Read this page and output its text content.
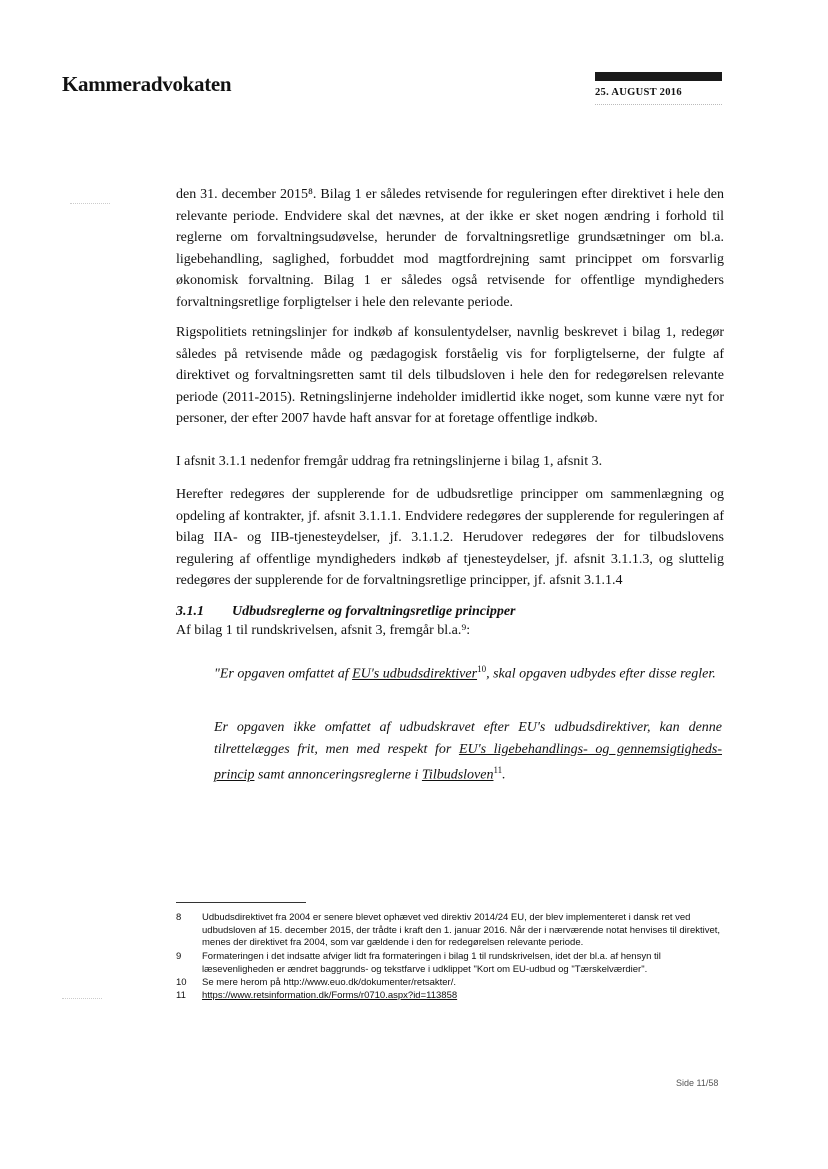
Kammeradvokaten	25. AUGUST 2016
den 31. december 2015⁸. Bilag 1 er således retvisende for reguleringen efter direktivet i hele den relevante periode. Endvidere skal det nævnes, at der ikke er sket nogen ændring i forhold til reglerne om forvaltningsudøvelse, herunder de forvaltningsretlige grundsætninger om bl.a. ligebehandling, saglighed, forbuddet mod magtfordrejning samt princippet om forsvarlig økonomisk forvaltning. Bilag 1 er således også retvisende for offentlige myndigheders forvaltningsretlige forpligtelser i hele den relevante periode.
Rigspolitiets retningslinjer for indkøb af konsulentydelser, navnlig beskrevet i bilag 1, redegør således på retvisende måde og pædagogisk forståelig vis for forpligtelserne, der fulgte af direktivet og forvaltningsretten samt til dels tilbudsloven i hele den for redegørelsen relevante periode (2011-2015). Retningslinjerne indeholder imidlertid ikke noget, som kunne være nyt for personer, der efter 2007 havde haft ansvar for at foretage offentlige indkøb.
I afsnit 3.1.1 nedenfor fremgår uddrag fra retningslinjerne i bilag 1, afsnit 3.
Herefter redegøres der supplerende for de udbudsretlige principper om sammenlægning og opdeling af kontrakter, jf. afsnit 3.1.1.1. Endvidere redegøres der supplerende for reguleringen af bilag IIA- og IIB-tjenesteydelser, jf. 3.1.1.2. Herudover redegøres der for tilbudslovens regulering af offentlige myndigheders indkøb af tjenesteydelser, jf. afsnit 3.1.1.3, og sluttelig redegøres der supplerende for de forvaltningsretlige principper, jf. afsnit 3.1.1.4
3.1.1 Udbudsreglerne og forvaltningsretlige principper
Af bilag 1 til rundskrivelsen, afsnit 3, fremgår bl.a.⁹:
"Er opgaven omfattet af EU's udbudsdirektiver$^{10}$, skal opgaven udbydes efter disse regler.
Er opgaven ikke omfattet af udbudskravet efter EU's udbudsdirektiver, kan denne tilrettelægges frit, men med respekt for EU's ligebehandlings- og gennemsigtigheds-princip samt annonceringsreglerne i Tilbudsloven$^{11}$.
8 Udbudsdirektivet fra 2004 er senere blevet ophævet ved direktiv 2014/24 EU, der blev implementeret i dansk ret ved udbudsloven af 15. december 2015, der trådte i kraft den 1. januar 2016. Når der i nærværende notat henvises til direktivet, menes der direktivet fra 2004, som var gældende i den for redegørelsen relevante periode.
9 Formateringen i det indsatte afviger lidt fra formateringen i bilag 1 til rundskrivelsen, idet der bl.a. af hensyn til læsevenligheden er ændret baggrunds- og tekstfarve i udklippet "Kort om EU-udbud og "Tærskelværdier".
10 Se mere herom på http://www.euo.dk/dokumenter/retsakter/.
11 https://www.retsinformation.dk/Forms/r0710.aspx?id=113858
Side 11/58
